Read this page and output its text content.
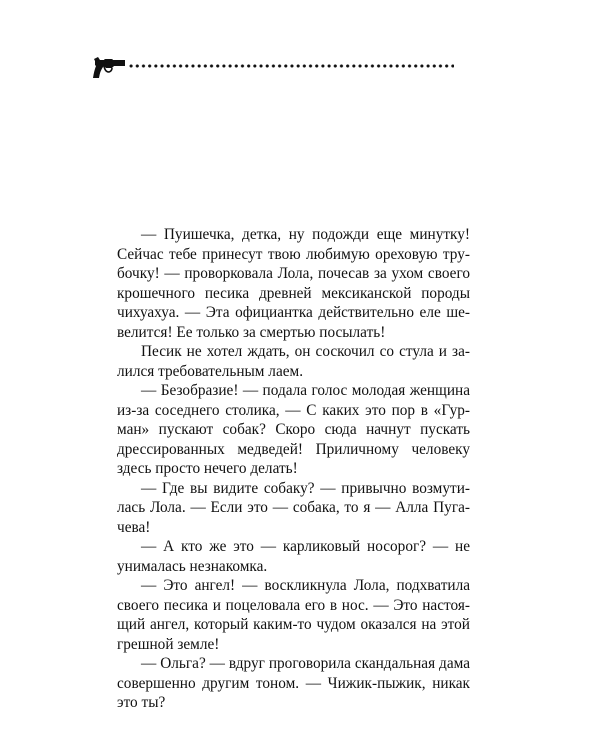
— Пуишечка, детка, ну подожди еще минутку! Сейчас тебе принесут твою любимую ореховую трубочку! — проворковала Лола, почесав за ухом своего крошечного песика древней мексиканской породы чихуахуа. — Эта официантка действительно еле шевелится! Ее только за смертью посылать!

Песик не хотел ждать, он соскочил со стула и залился требовательным лаем.

— Безобразие! — подала голос молодая женщина из-за соседнего столика, — С каких это пор в «Гурман» пускают собак? Скоро сюда начнут пускать дрессированных медведей! Приличному человеку здесь просто нечего делать!

— Где вы видите собаку? — привычно возмутилась Лола. — Если это — собака, то я — Алла Пугачева!

— А кто же это — карликовый носорог? — не унималась незнакомка.

— Это ангел! — воскликнула Лола, подхватила своего песика и поцеловала его в нос. — Это настоящий ангел, который каким-то чудом оказался на этой грешной земле!

— Ольга? — вдруг проговорила скандальная дама совершенно другим тоном. — Чижик-пыжик, никак это ты?
